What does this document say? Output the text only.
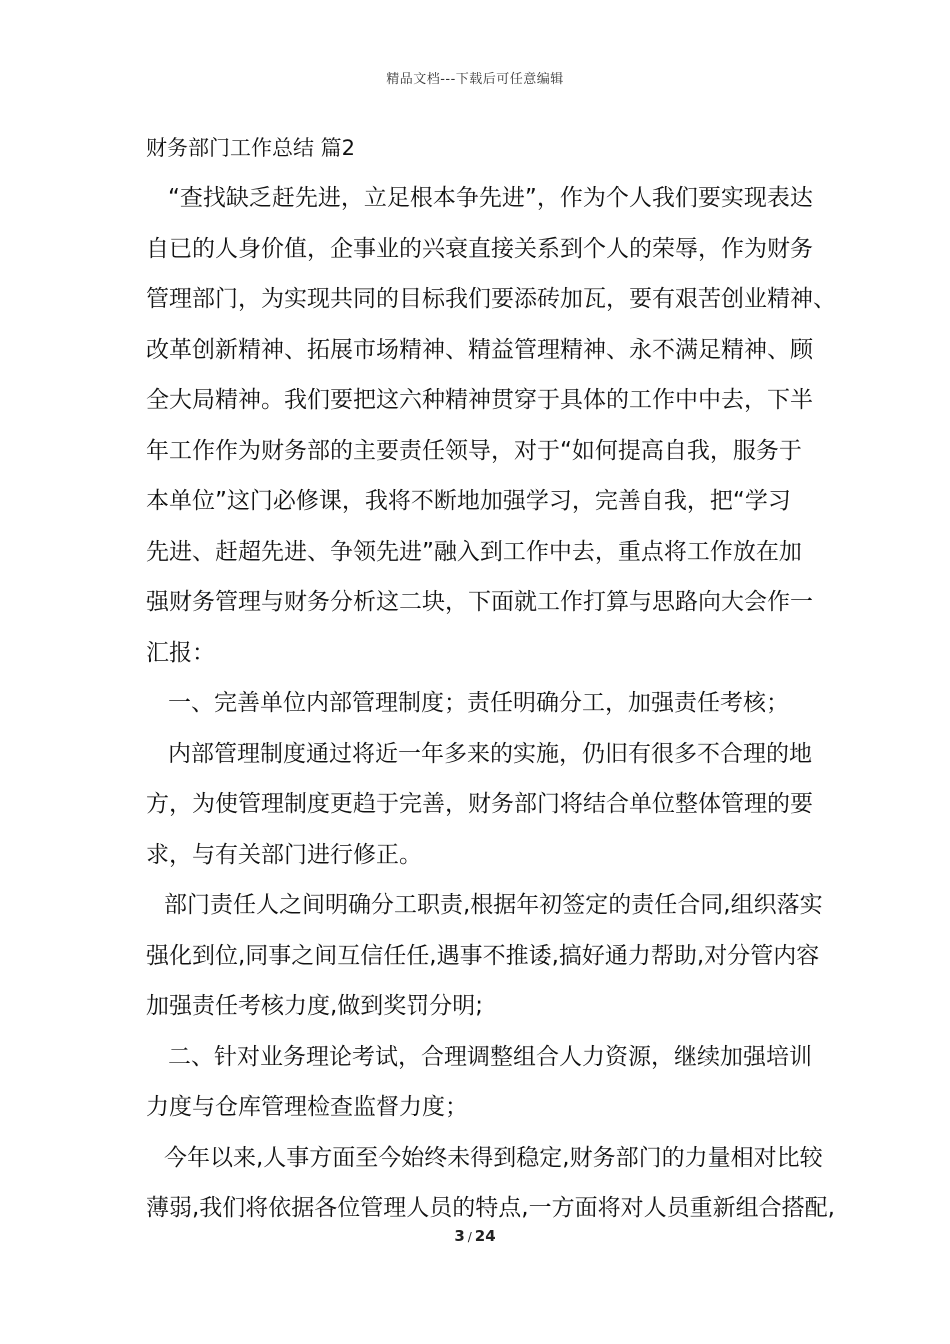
精品文档---下载后可任意编辑
财务部门工作总结 篇2
“查找缺乏赶先进，立足根本争先进”，作为个人我们要实现表达
自已的人身价值，企事业的兴衰直接关系到个人的荣辱，作为财务
管理部门，为实现共同的目标我们要添砖加瓦，要有艰苦创业精神、
改革创新精神、拓展市场精神、精益管理精神、永不满足精神、顾
全大局精神。我们要把这六种精神贯穿于具体的工作中中去，下半
年工作作为财务部的主要责任领导，对于“如何提高自我，服务于
本单位”这门必修课，我将不断地加强学习，完善自我，把“学习
先进、赶超先进、争领先进”融入到工作中去，重点将工作放在加
强财务管理与财务分析这二块，下面就工作打算与思路向大会作一
汇报：
一、完善单位内部管理制度；责任明确分工，加强责任考核；
内部管理制度通过将近一年多来的实施，仍旧有很多不合理的地
方，为使管理制度更趋于完善，财务部门将结合单位整体管理的要
求，与有关部门进行修正。
部门责任人之间明确分工职责,根据年初签定的责任合同,组织落实
强化到位,同事之间互信任任,遇事不推诿,搞好通力帮助,对分管内容
加强责任考核力度,做到奖罚分明;
二、针对业务理论考试，合理调整组合人力资源，继续加强培训
力度与仓库管理检查监督力度；
今年以来,人事方面至今始终未得到稳定,财务部门的力量相对比较
薄弱,我们将依据各位管理人员的特点,一方面将对人员重新组合搭配,
3 / 24
